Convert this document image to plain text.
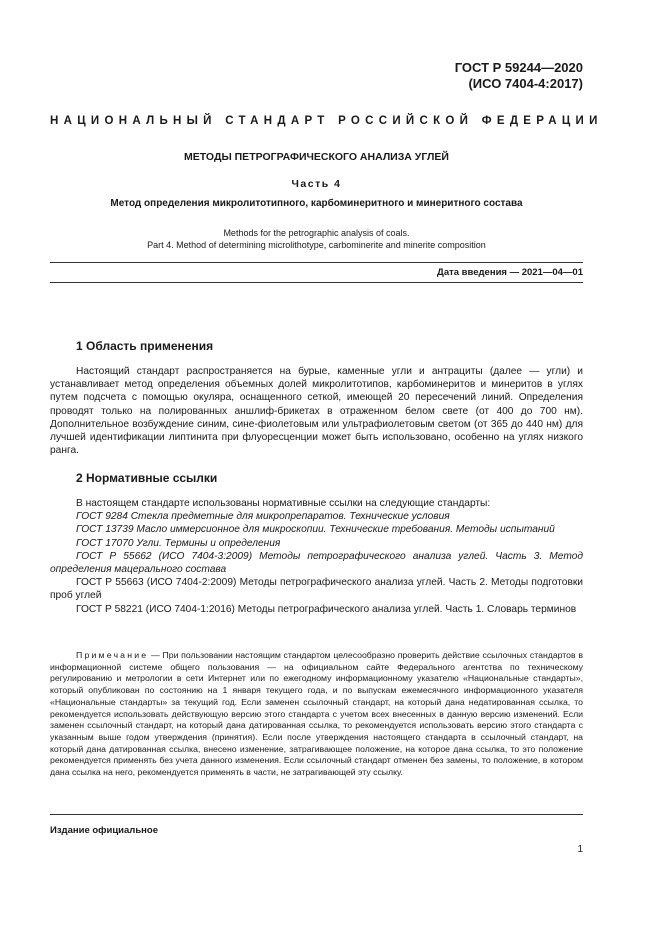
ГОСТ Р 59244—2020
(ИСО 7404-4:2017)
НАЦИОНАЛЬНЫЙ СТАНДАРТ РОССИЙСКОЙ ФЕДЕРАЦИИ
МЕТОДЫ ПЕТРОГРАФИЧЕСКОГО АНАЛИЗА УГЛЕЙ
Часть 4
Метод определения микролитотипного, карбоминеритного и минеритного состава
Methods for the petrographic analysis of coals.
Part 4. Method of determining microlithotype, carbominerite and minerite composition
Дата введения — 2021—04—01
1 Область применения
Настоящий стандарт распространяется на бурые, каменные угли и антрациты (далее — угли) и устанавливает метод определения объемных долей микролитотипов, карбоминеритов и минеритов в углях путем подсчета с помощью окуляра, оснащенного сеткой, имеющей 20 пересечений линий. Определения проводят только на полированных аншлиф-брикетах в отраженном белом свете (от 400 до 700 нм). Дополнительное возбуждение синим, сине-фиолетовым или ультрафиолетовым светом (от 365 до 440 нм) для лучшей идентификации липтинита при флуоресценции может быть использовано, особенно на углях низкого ранга.
2 Нормативные ссылки

В настоящем стандарте использованы нормативные ссылки на следующие стандарты:

ГОСТ 9284 Стекла предметные для микропрепаратов. Технические условия

ГОСТ 13739 Масло иммерсионное для микроскопии. Технические требования. Методы испытаний

ГОСТ 17070 Угли. Термины и определения

ГОСТ Р 55662 (ИСО 7404-3:2009) Методы петрографического анализа углей. Часть 3. Метод определения мацерального состава

ГОСТ Р 55663 (ИСО 7404-2:2009) Методы петрографического анализа углей. Часть 2. Методы подготовки проб углей

ГОСТ Р 58221 (ИСО 7404-1:2016) Методы петрографического анализа углей. Часть 1. Словарь терминов

Примечание — При пользовании настоящим стандартом целесообразно проверить действие ссылочных стандартов в информационной системе общего пользования — на официальном сайте Федерального агентства по техническому регулированию и метрологии в сети Интернет или по ежегодному информационному указателю «Национальные стандарты», который опубликован по состоянию на 1 января текущего года, и по выпускам ежемесячного информационного указателя «Национальные стандарты» за текущий год. Если заменен ссылочный стандарт, на который дана недатированная ссылка, то рекомендуется использовать действующую версию этого стандарта с учетом всех внесенных в данную версию изменений. Если заменен ссылочный стандарт, на который дана датированная ссылка, то рекомендуется использовать версию этого стандарта с указанным выше годом утверждения (принятия). Если после утверждения настоящего стандарта в ссылочный стандарт, на который дана датированная ссылка, внесено изменение, затрагивающее положение, на которое дана ссылка, то это положение рекомендуется применять без учета данного изменения. Если ссылочный стандарт отменен без замены, то положение, в котором дана ссылка на него, рекомендуется применять в части, не затрагивающей эту ссылку.
Издание официальное
1
